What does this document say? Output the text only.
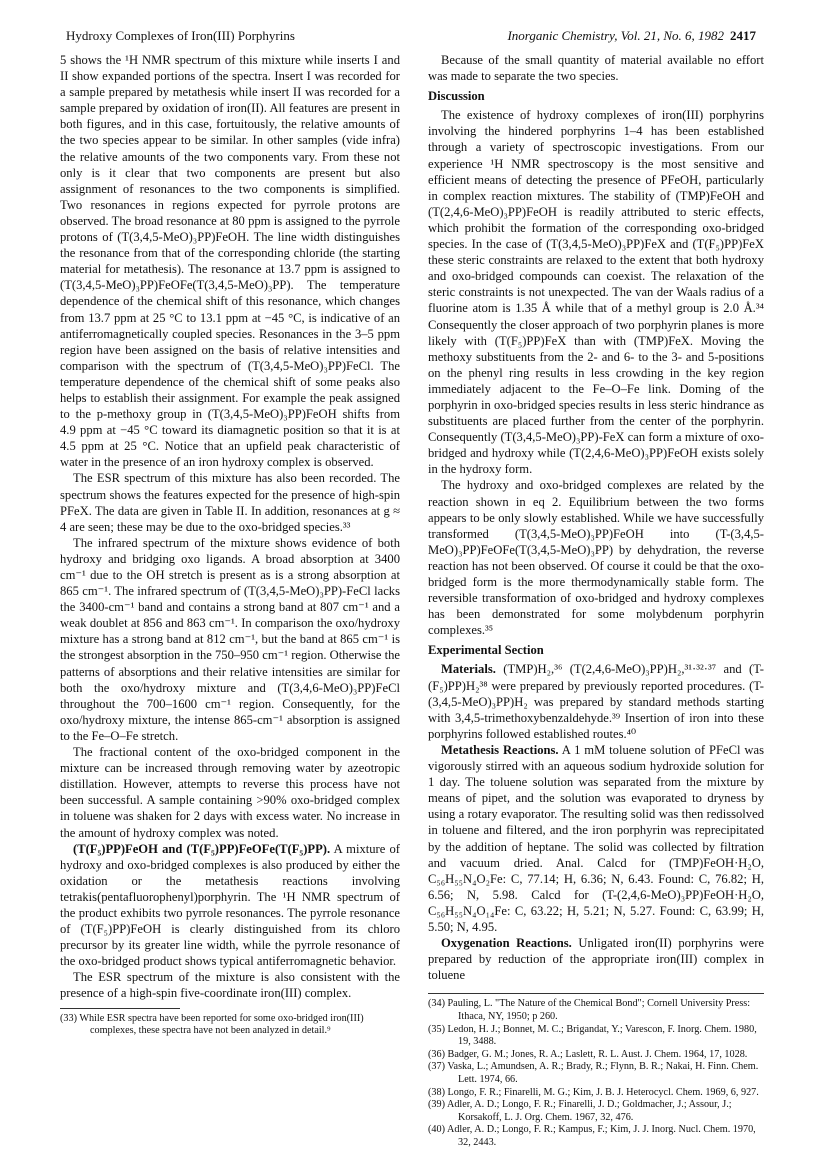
Hydroxy Complexes of Iron(III) Porphyrins	Inorganic Chemistry, Vol. 21, No. 6, 1982 2417

5 shows the ¹H NMR spectrum of this mixture while inserts I and II show expanded portions of the spectra. Insert I was recorded for a sample prepared by metathesis while insert II was recorded for a sample prepared by oxidation of iron(II). All features are present in both figures, and in this case, fortuitously, the relative amounts of the two species appear to be similar. In other samples (vide infra) the relative amounts of the two components vary. From these not only is it clear that two components are present but also assignment of resonances to the two components is simplified. Two resonances in regions expected for pyrrole protons are observed. The broad resonance at 80 ppm is assigned to the pyrrole protons of (T(3,4,5-MeO)₃PP)FeOH. The line width distinguishes the resonance from that of the corresponding chloride (the starting material for metathesis). The resonance at 13.7 ppm is assigned to (T(3,4,5-MeO)₃PP)FeOFe(T(3,4,5-MeO)₃PP). The temperature dependence of the chemical shift of this resonance, which changes from 13.7 ppm at 25 °C to 13.1 ppm at −45 °C, is indicative of an antiferromagnetically coupled species. Resonances in the 3–5 ppm region have been assigned on the basis of relative intensities and comparison with the spectrum of (T(3,4,5-MeO)₃PP)FeCl. The temperature dependence of the chemical shift of some peaks also helps to establish their assignment. For example the peak assigned to the p-methoxy group in (T(3,4,5-MeO)₃PP)FeOH shifts from 4.9 ppm at −45 °C toward its diamagnetic position so that it is at 4.5 ppm at 25 °C. Notice that an upfield peak characteristic of water in the presence of an iron hydroxy complex is observed.

The ESR spectrum of this mixture has also been recorded. The spectrum shows the features expected for the presence of high-spin PFeX. The data are given in Table II. In addition, resonances at g ≈ 4 are seen; these may be due to the oxo-bridged species.³³

The infrared spectrum of the mixture shows evidence of both hydroxy and bridging oxo ligands. A broad absorption at 3400 cm⁻¹ due to the OH stretch is present as is a strong absorption at 865 cm⁻¹. The infrared spectrum of (T(3,4,5-MeO)₃PP)-FeCl lacks the 3400-cm⁻¹ band and contains a strong band at 807 cm⁻¹ and a weak doublet at 856 and 863 cm⁻¹. In comparison the oxo/hydroxy mixture has a strong band at 812 cm⁻¹, but the band at 865 cm⁻¹ is the strongest absorption in the 750–950 cm⁻¹ region. Otherwise the patterns of absorptions and their relative intensities are similar for both the oxo/hydroxy mixture and (T(3,4,6-MeO)₃PP)FeCl throughout the 700–1600 cm⁻¹ region. Consequently, for the oxo/hydroxy mixture, the intense 865-cm⁻¹ absorption is assigned to the Fe–O–Fe stretch.

The fractional content of the oxo-bridged component in the mixture can be increased through removing water by azeotropic distillation. However, attempts to reverse this process have not been successful. A sample containing >90% oxo-bridged complex in toluene was shaken for 2 days with excess water. No increase in the amount of hydroxy complex was noted.

(T(F₅)PP)FeOH and (T(F₅)PP)FeOFe(T(F₅)PP). A mixture of hydroxy and oxo-bridged complexes is also produced by either the oxidation or the metathesis reactions involving tetrakis(pentafluorophenyl)porphyrin. The ¹H NMR spectrum of the product exhibits two pyrrole resonances. The pyrrole resonance of (T(F₅)PP)FeOH is clearly distinguished from its chloro precursor by its greater line width, while the pyrrole resonance of the oxo-bridged product shows typical antiferromagnetic behavior.

The ESR spectrum of the mixture is also consistent with the presence of a high-spin five-coordinate iron(III) complex.

(33) While ESR spectra have been reported for some oxo-bridged iron(III) complexes, these spectra have not been analyzed in detail.⁹

Because of the small quantity of material available no effort was made to separate the two species.

Discussion

The existence of hydroxy complexes of iron(III) porphyrins involving the hindered porphyrins 1–4 has been established through a variety of spectroscopic investigations. From our experience ¹H NMR spectroscopy is the most sensitive and efficient means of detecting the presence of PFeOH, particularly in complex reaction mixtures. The stability of (TMP)FeOH and (T(2,4,6-MeO)₃PP)FeOH is readily attributed to steric effects, which prohibit the formation of the corresponding oxo-bridged species. In the case of (T(3,4,5-MeO)₃PP)FeX and (T(F₅)PP)FeX these steric constraints are relaxed to the extent that both hydroxy and oxo-bridged compounds can coexist. The relaxation of the steric constraints is not unexpected. The van der Waals radius of a fluorine atom is 1.35 Å while that of a methyl group is 2.0 Å.³⁴ Consequently the closer approach of two porphyrin planes is more likely with (T(F₅)PP)FeX than with (TMP)FeX. Moving the methoxy substituents from the 2- and 6- to the 3- and 5-positions on the phenyl ring results in less crowding in the key region immediately adjacent to the Fe–O–Fe link. Doming of the porphyrin in oxo-bridged species results in less steric hindrance as substituents are placed further from the center of the porphyrin. Consequently (T(3,4,5-MeO)₃PP)-FeX can form a mixture of oxo-bridged and hydroxy while (T(2,4,6-MeO)₃PP)FeOH exists solely in the hydroxy form.

The hydroxy and oxo-bridged complexes are related by the reaction shown in eq 2. Equilibrium between the two forms appears to be only slowly established. While we have successfully transformed (T(3,4,5-MeO)₃PP)FeOH into (T-(3,4,5-MeO)₃PP)FeOFe(T(3,4,5-MeO)₃PP) by dehydration, the reverse reaction has not been observed. Of course it could be that the oxo-bridged form is the more thermodynamically stable form. The reversible transformation of oxo-bridged and hydroxy complexes has been demonstrated for some molybdenum porphyrin complexes.³⁵

Experimental Section

Materials. (TMP)H₂,³⁶ (T(2,4,6-MeO)₃PP)H₂,³¹·³²·³⁷ and (T-(F₅)PP)H₂³⁸ were prepared by previously reported procedures. (T-(3,4,5-MeO)₃PP)H₂ was prepared by standard methods starting with 3,4,5-trimethoxybenzaldehyde.³⁹ Insertion of iron into these porphyrins followed established routes.⁴⁰

Metathesis Reactions. A 1 mM toluene solution of PFeCl was vigorously stirred with an aqueous sodium hydroxide solution for 1 day. The toluene solution was separated from the mixture by means of pipet, and the solution was evaporated to dryness by using a rotary evaporator. The resulting solid was then redissolved in toluene and filtered, and the iron porphyrin was reprecipitated by the addition of heptane. The solid was collected by filtration and vacuum dried. Anal. Calcd for (TMP)FeOH·H₂O, C₅₆H₅₅N₄O₂Fe: C, 77.14; H, 6.36; N, 6.43. Found: C, 76.82; H, 6.56; N, 5.98. Calcd for (T-(2,4,6-MeO)₃PP)FeOH·H₂O, C₅₆H₅₅N₄O₁₄Fe: C, 63.22; H, 5.21; N, 5.27. Found: C, 63.99; H, 5.50; N, 4.95.

Oxygenation Reactions. Unligated iron(II) porphyrins were prepared by reduction of the appropriate iron(III) complex in toluene

(34) Pauling, L. "The Nature of the Chemical Bond"; Cornell University Press: Ithaca, NY, 1950; p 260.

(35) Ledon, H. J.; Bonnet, M. C.; Brigandat, Y.; Varescon, F. Inorg. Chem. 1980, 19, 3488.

(36) Badger, G. M.; Jones, R. A.; Laslett, R. L. Aust. J. Chem. 1964, 17, 1028.

(37) Vaska, L.; Amundsen, A. R.; Brady, R.; Flynn, B. R.; Nakai, H. Finn. Chem. Lett. 1974, 66.

(38) Longo, F. R.; Finarelli, M. G.; Kim, J. B. J. Heterocycl. Chem. 1969, 6, 927.

(39) Adler, A. D.; Longo, F. R.; Finarelli, J. D.; Goldmacher, J.; Assour, J.; Korsakoff, L. J. Org. Chem. 1967, 32, 476.

(40) Adler, A. D.; Longo, F. R.; Kampus, F.; Kim, J. J. Inorg. Nucl. Chem. 1970, 32, 2443.
